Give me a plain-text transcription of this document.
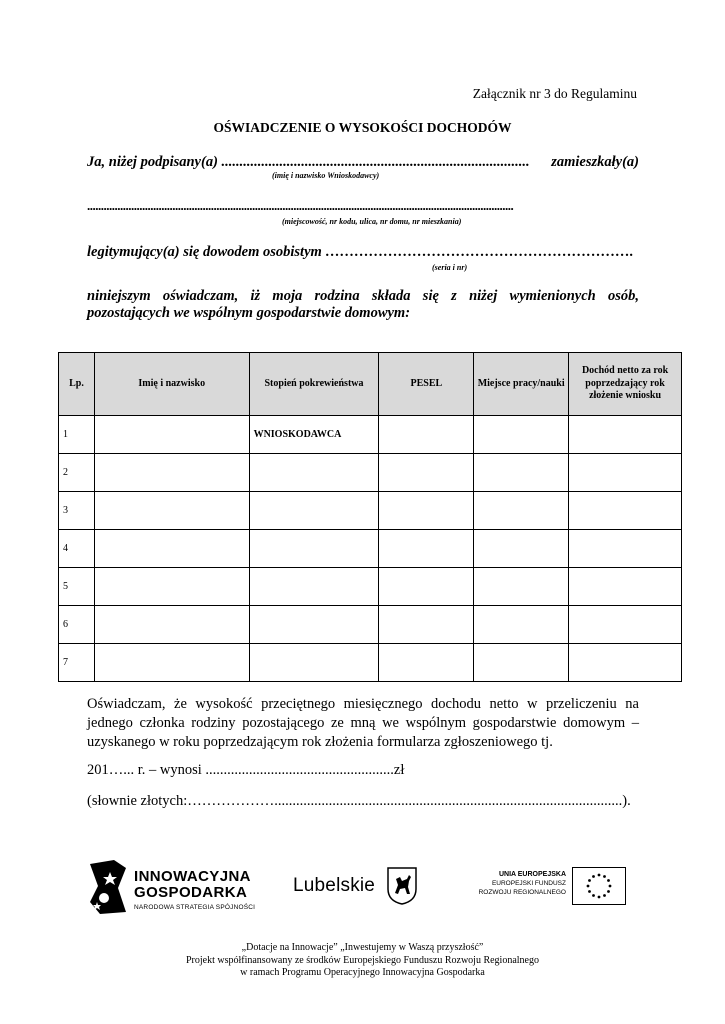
Załącznik nr 3 do Regulaminu
OŚWIADCZENIE O WYSOKOŚCI DOCHODÓW
Ja, niżej podpisany(a) ..................................................................................... zamieszkały(a)
(imię i nazwisko Wnioskodawcy)
...........................................................................................................................................................
(miejscowość, nr kodu, ulica, nr domu, nr mieszkania)
legitymujący(a) się dowodem osobistym ……………………………………………………….
(seria i nr)
niniejszym oświadczam, iż moja rodzina składa się z niżej wymienionych osób, pozostających we wspólnym gospodarstwie domowym:
Lp.	Imię i nazwisko	Stopień pokrewieństwa	PESEL	Miejsce pracy/nauki	Dochód netto za rok poprzedzający rok złożenie wniosku
1		WNIOSKODAWCA			
2					
3					
4					
5					
6					
7					
Oświadczam, że wysokość przeciętnego miesięcznego dochodu netto w przeliczeniu na jednego członka rodziny pozostającego ze mną we wspólnym gospodarstwie domowym – uzyskanego w roku poprzedzającym rok złożenia formularza zgłoszeniowego tj.
201…... r. – wynosi ....................................................zł
(słownie złotych:………………................................................................................................).
INNOWACYJNA
GOSPODARKA
NARODOWA STRATEGIA SPÓJNOŚCI
Lubelskie
UNIA EUROPEJSKA
EUROPEJSKI FUNDUSZ
ROZWOJU REGIONALNEGO
„Dotacje na Innowacje” „Inwestujemy w Waszą przyszłość”
Projekt współfinansowany ze środków Europejskiego Funduszu Rozwoju Regionalnego
w ramach Programu Operacyjnego Innowacyjna Gospodarka
